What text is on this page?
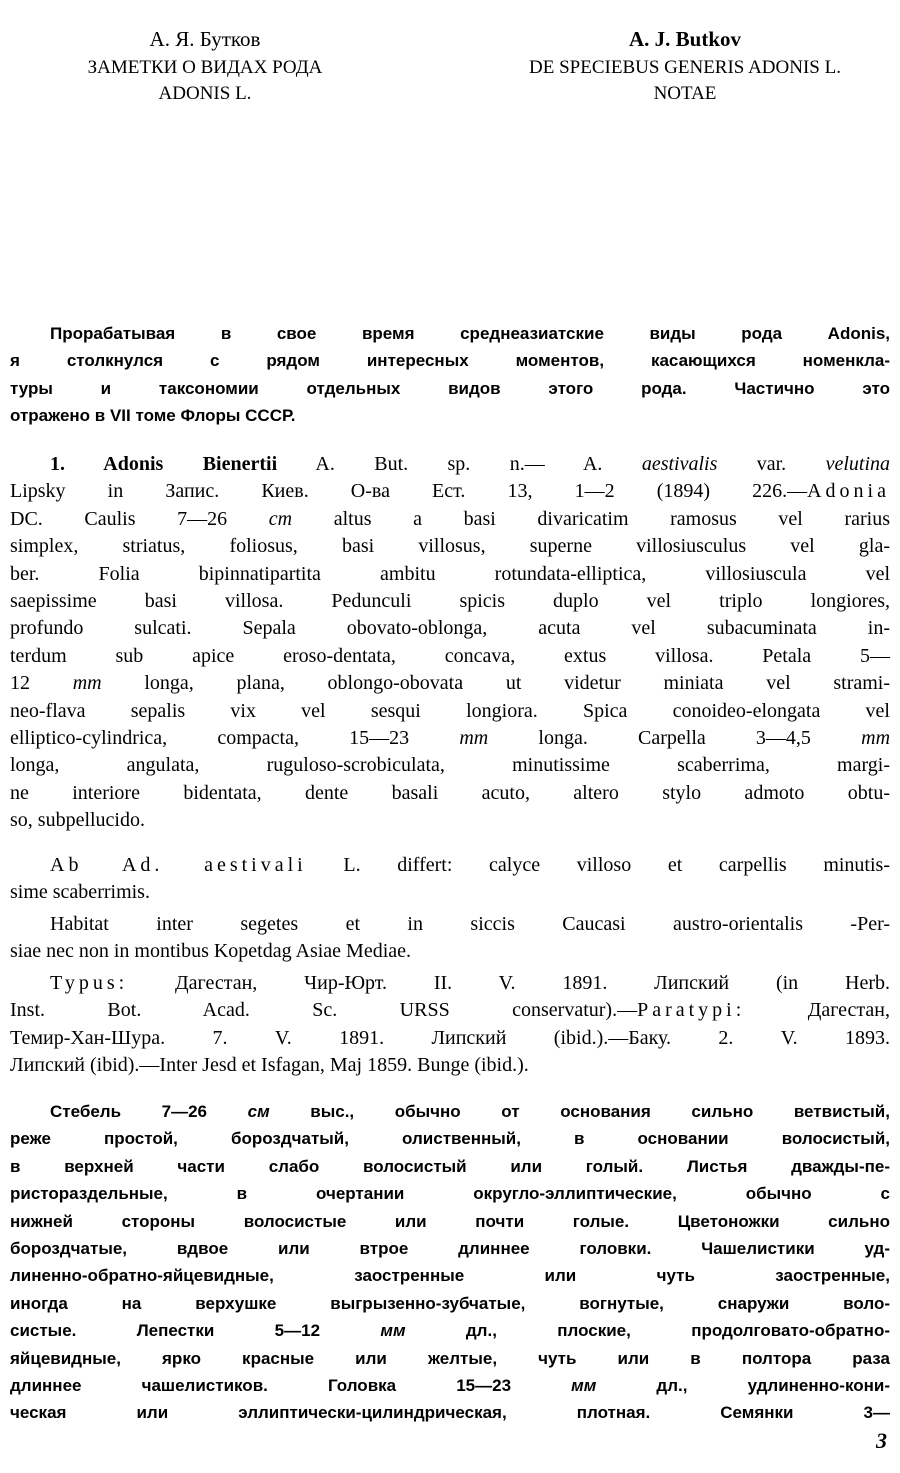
А. Я. Бутков
ЗАМЕТКИ О ВИДАХ РОДА
ADONIS L.
A. J. Butkov
DE SPECIEBUS GENERIS ADONIS L.
NOTAE
Прорабатывая в свое время среднеазиатские виды рода Adonis,
я столкнулся с рядом интересных моментов, касающихся номенкла-
туры и таксономии отдельных видов этого рода. Частично это
отражено в VII томе Флоры СССР.
1. Adonis Bienertii A. But. sp. n.— A. aestivalis var. velutina
Lipsky in Запис. Киев. О-ва Ест. 13, 1—2 (1894) 226.—Adonia
DC. Caulis 7—26 cm altus a basi divaricatim ramosus vel rarius
simplex, striatus, foliosus, basi villosus, superne villosiusculus vel gla-
ber. Folia bipinnatipartita ambitu rotundata-elliptica, villosiuscula vel
saepissime basi villosa. Pedunculi spicis duplo vel triplo longiores,
profundo sulcati. Sepala obovato-oblonga, acuta vel subacuminata in-
terdum sub apice eroso-dentata, concava, extus villosa. Petala 5—
12 mm longa, plana, oblongo-obovata ut videtur miniata vel strami-
neo-flava sepalis vix vel sesqui longiora. Spica conoideo-elongata vel
elliptico-cylindrica, compacta, 15—23 mm longa. Carpella 3—4,5 mm
longa, angulata, ruguloso-scrobiculata, minutissime scaberrima, margi-
ne interiore bidentata, dente basali acuto, altero stylo admoto obtu-
so, subpellucido.
Ab Ad. aestivali L. differt: calyce villoso et carpellis minutis-
sime scaberrimis.
Habitat inter segetes et in siccis Caucasi austro-orientalis -Per-
siae nec non in montibus Kopetdag Asiae Mediae.
Typus: Дагестан, Чир-Юрт. II. V. 1891. Липский (in Herb.
Inst. Bot. Acad. Sc. URSS conservatur).—Paratypi: Дагестан,
Темир-Хан-Шура. 7. V. 1891. Липский (ibid.).—Баку. 2. V. 1893.
Липский (ibid).—Inter Jesd et Isfagan, Maj 1859. Bunge (ibid.).
Стебель 7—26 см выс., обычно от основания сильно ветвистый,
реже простой, бороздчатый, олиственный, в основании волосистый,
в верхней части слабо волосистый или голый. Листья дважды-пе-
ристораздельные, в очертании округло-эллиптические, обычно с
нижней стороны волосистые или почти голые. Цветоножки сильно
бороздчатые, вдвое или втрое длиннее головки. Чашелистики уд-
линенно-обратно-яйцевидные, заостренные или чуть заостренные,
иногда на верхушке выгрызенно-зубчатые, вогнутые, снаружи воло-
систые. Лепестки 5—12 мм дл., плоские, продолговато-обратно-
яйцевидные, ярко красные или желтые, чуть или в полтора раза
длиннее чашелистиков. Головка 15—23 мм дл., удлиненно-кони-
ческая или эллиптически-цилиндрическая, плотная. Семянки 3—
3
